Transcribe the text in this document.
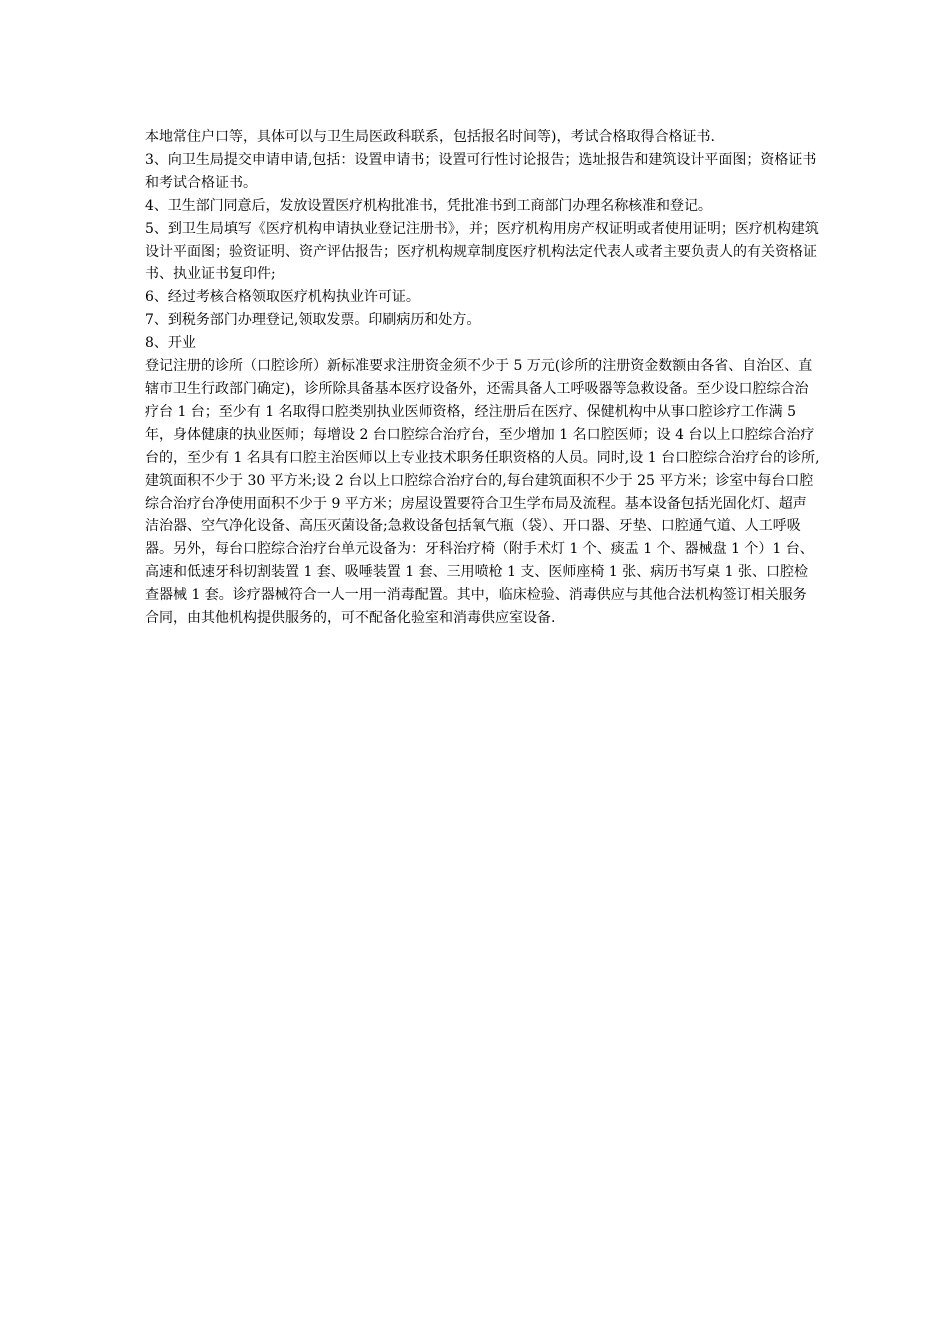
本地常住户口等，具体可以与卫生局医政科联系，包括报名时间等)，考试合格取得合格证书.

3、向卫生局提交申请申请,包括：设置申请书；设置可行性讨论报告；选址报告和建筑设计平面图；资格证书和考试合格证书。

4、卫生部门同意后，发放设置医疗机构批准书，凭批准书到工商部门办理名称核准和登记。

5、到卫生局填写《医疗机构申请执业登记注册书》，并；医疗机构用房产权证明或者使用证明；医疗机构建筑设计平面图；验资证明、资产评估报告；医疗机构规章制度医疗机构法定代表人或者主要负责人的有关资格证书、执业证书复印件;

6、经过考核合格领取医疗机构执业许可证。

7、到税务部门办理登记,领取发票。印刷病历和处方。

8、开业

登记注册的诊所（口腔诊所）新标准要求注册资金须不少于 5 万元(诊所的注册资金数额由各省、自治区、直辖市卫生行政部门确定)，诊所除具备基本医疗设备外，还需具备人工呼吸器等急救设备。至少设口腔综合治疗台 1 台；至少有 1 名取得口腔类别执业医师资格，经注册后在医疗、保健机构中从事口腔诊疗工作满 5 年，身体健康的执业医师；每增设 2 台口腔综合治疗台，至少增加 1 名口腔医师；设 4 台以上口腔综合治疗台的，至少有 1 名具有口腔主治医师以上专业技术职务任职资格的人员。同时,设 1 台口腔综合治疗台的诊所,建筑面积不少于 30 平方米;设 2 台以上口腔综合治疗台的,每台建筑面积不少于 25 平方米；诊室中每台口腔综合治疗台净使用面积不少于 9 平方米；房屋设置要符合卫生学布局及流程。基本设备包括光固化灯、超声洁治器、空气净化设备、高压灭菌设备;急救设备包括氧气瓶（袋）、开口器、牙垫、口腔通气道、人工呼吸器。另外，每台口腔综合治疗台单元设备为：牙科治疗椅（附手术灯 1 个、痰盂 1 个、器械盘 1 个）1 台、高速和低速牙科切割装置 1 套、吸唾装置 1 套、三用喷枪 1 支、医师座椅 1 张、病历书写桌 1 张、口腔检查器械 1 套。诊疗器械符合一人一用一消毒配置。其中，临床检验、消毒供应与其他合法机构签订相关服务合同，由其他机构提供服务的，可不配备化验室和消毒供应室设备.
